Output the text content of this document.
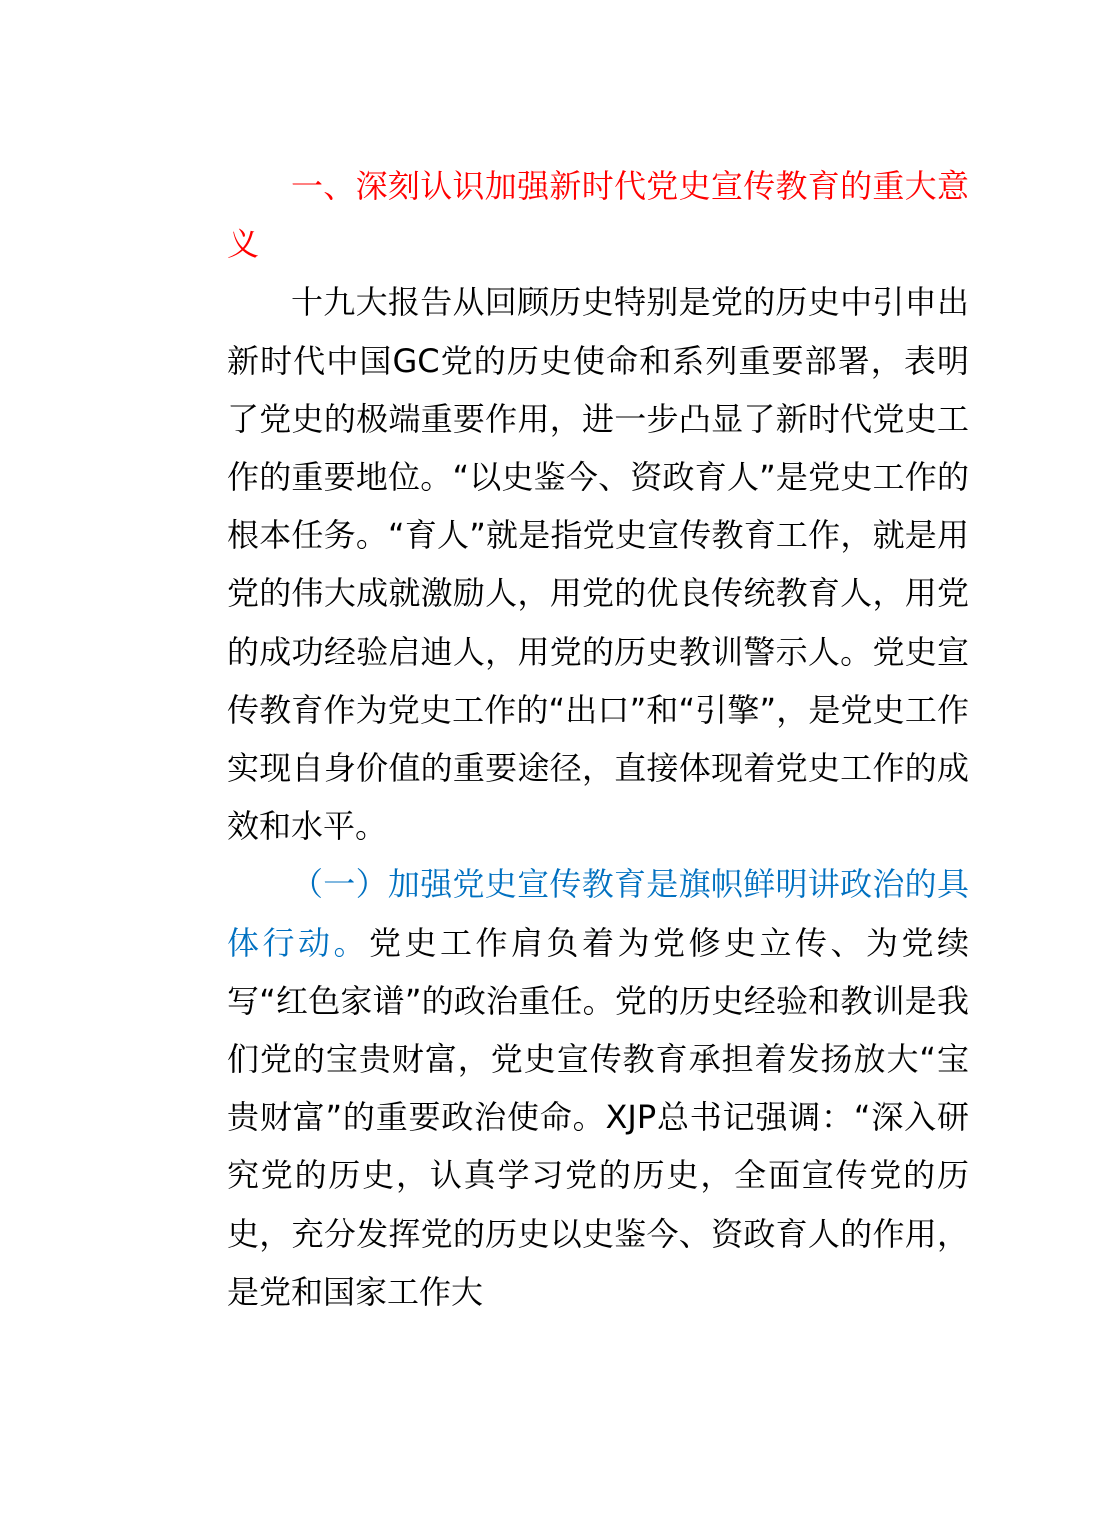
一、深刻认识加强新时代党史宣传教育的重大意义

十九大报告从回顾历史特别是党的历史中引申出新时代中国GC党的历史使命和系列重要部署，表明了党史的极端重要作用，进一步凸显了新时代党史工作的重要地位。“以史鉴今、资政育人”是党史工作的根本任务。“育人”就是指党史宣传教育工作，就是用党的伟大成就激励人，用党的优良传统教育人，用党的成功经验启迪人，用党的历史教训警示人。党史宣传教育作为党史工作的“出口”和“引擎”，是党史工作实现自身价值的重要途径，直接体现着党史工作的成效和水平。

（一）加强党史宣传教育是旗帜鲜明讲政治的具体行动。党史工作肩负着为党修史立传、为党续写“红色家谱”的政治重任。党的历史经验和教训是我们党的宝贵财富，党史宣传教育承担着发扬放大“宝贵财富”的重要政治使命。XJP总书记强调：“深入研究党的历史，认真学习党的历史，全面宣传党的历史，充分发挥党的历史以史鉴今、资政育人的作用，是党和国家工作大
